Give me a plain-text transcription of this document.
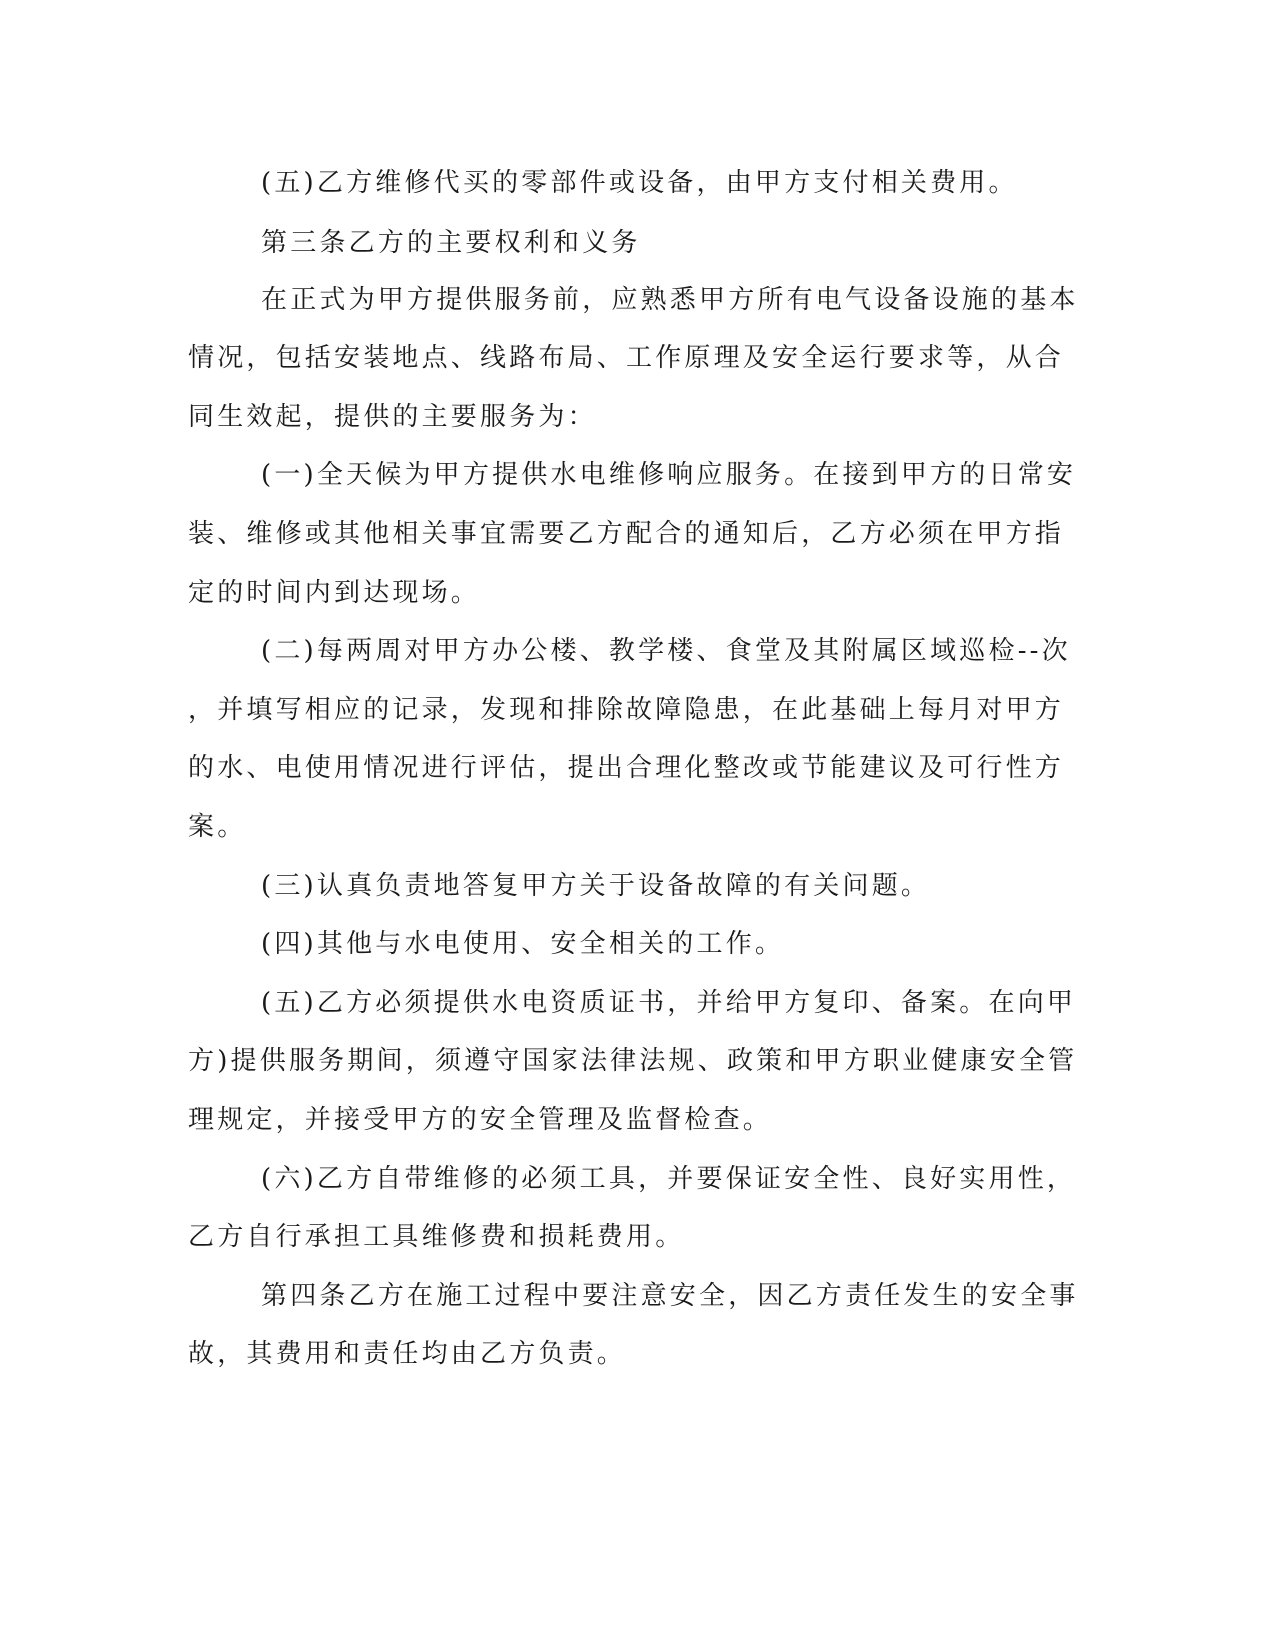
(五)乙方维修代买的零部件或设备，由甲方支付相关费用。

第三条乙方的主要权利和义务

在正式为甲方提供服务前，应熟悉甲方所有电气设备设施的基本

情况，包括安装地点、线路布局、工作原理及安全运行要求等，从合

同生效起，提供的主要服务为：

(一)全天候为甲方提供水电维修响应服务。在接到甲方的日常安

装、维修或其他相关事宜需要乙方配合的通知后，乙方必须在甲方指

定的时间内到达现场。

(二)每两周对甲方办公楼、教学楼、食堂及其附属区域巡检--次

，并填写相应的记录，发现和排除故障隐患，在此基础上每月对甲方

的水、电使用情况进行评估，提出合理化整改或节能建议及可行性方

案。

(三)认真负责地答复甲方关于设备故障的有关问题。

(四)其他与水电使用、安全相关的工作。

(五)乙方必须提供水电资质证书，并给甲方复印、备案。在向甲

方)提供服务期间，须遵守国家法律法规、政策和甲方职业健康安全管

理规定，并接受甲方的安全管理及监督检查。

(六)乙方自带维修的必须工具，并要保证安全性、良好实用性，

乙方自行承担工具维修费和损耗费用。

第四条乙方在施工过程中要注意安全，因乙方责任发生的安全事

故，其费用和责任均由乙方负责。
